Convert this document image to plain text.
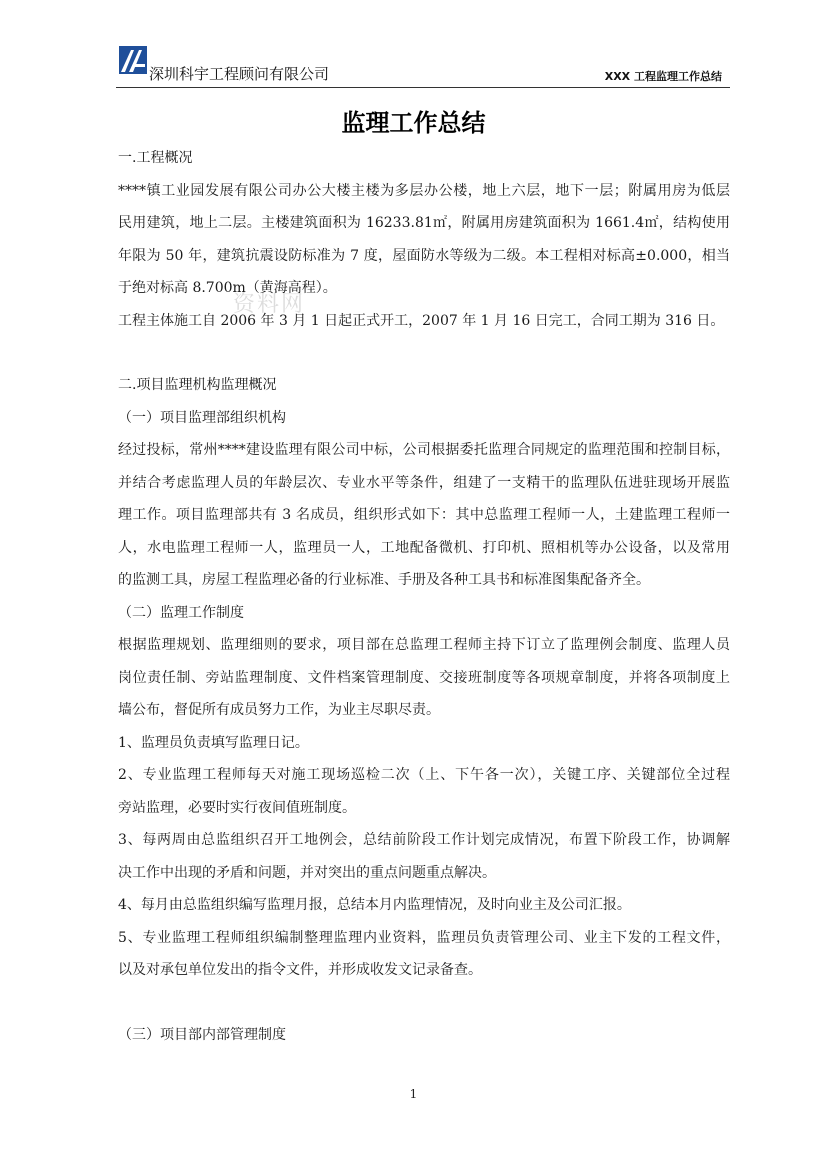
深圳科宇工程顾问有限公司	XXX 工程监理工作总结
监理工作总结
资料网
一.工程概况
****镇工业园发展有限公司办公大楼主楼为多层办公楼，地上六层，地下一层；附属用房为低层
民用建筑，地上二层。主楼建筑面积为 16233.81㎡，附属用房建筑面积为 1661.4㎡，结构使用
年限为 50 年，建筑抗震设防标准为 7 度，屋面防水等级为二级。本工程相对标高±0.000，相当
于绝对标高 8.700m（黄海高程）。
工程主体施工自 2006 年 3 月 1 日起正式开工，2007 年 1 月 16 日完工，合同工期为 316 日。
二.项目监理机构监理概况
（一）项目监理部组织机构
经过投标，常州****建设监理有限公司中标，公司根据委托监理合同规定的监理范围和控制目标，
并结合考虑监理人员的年龄层次、专业水平等条件，组建了一支精干的监理队伍进驻现场开展监
理工作。项目监理部共有 3 名成员，组织形式如下：其中总监理工程师一人，土建监理工程师一
人，水电监理工程师一人，监理员一人，工地配备微机、打印机、照相机等办公设备，以及常用
的监测工具，房屋工程监理必备的行业标准、手册及各种工具书和标准图集配备齐全。
（二）监理工作制度
根据监理规划、监理细则的要求，项目部在总监理工程师主持下订立了监理例会制度、监理人员
岗位责任制、旁站监理制度、文件档案管理制度、交接班制度等各项规章制度，并将各项制度上
墙公布，督促所有成员努力工作，为业主尽职尽责。
1、监理员负责填写监理日记。
2、专业监理工程师每天对施工现场巡检二次（上、下午各一次），关键工序、关键部位全过程
旁站监理，必要时实行夜间值班制度。
3、每两周由总监组织召开工地例会，总结前阶段工作计划完成情况，布置下阶段工作，协调解
决工作中出现的矛盾和问题，并对突出的重点问题重点解决。
4、每月由总监组织编写监理月报，总结本月内监理情况，及时向业主及公司汇报。
5、专业监理工程师组织编制整理监理内业资料，监理员负责管理公司、业主下发的工程文件，
以及对承包单位发出的指令文件，并形成收发文记录备查。
（三）项目部内部管理制度
1
